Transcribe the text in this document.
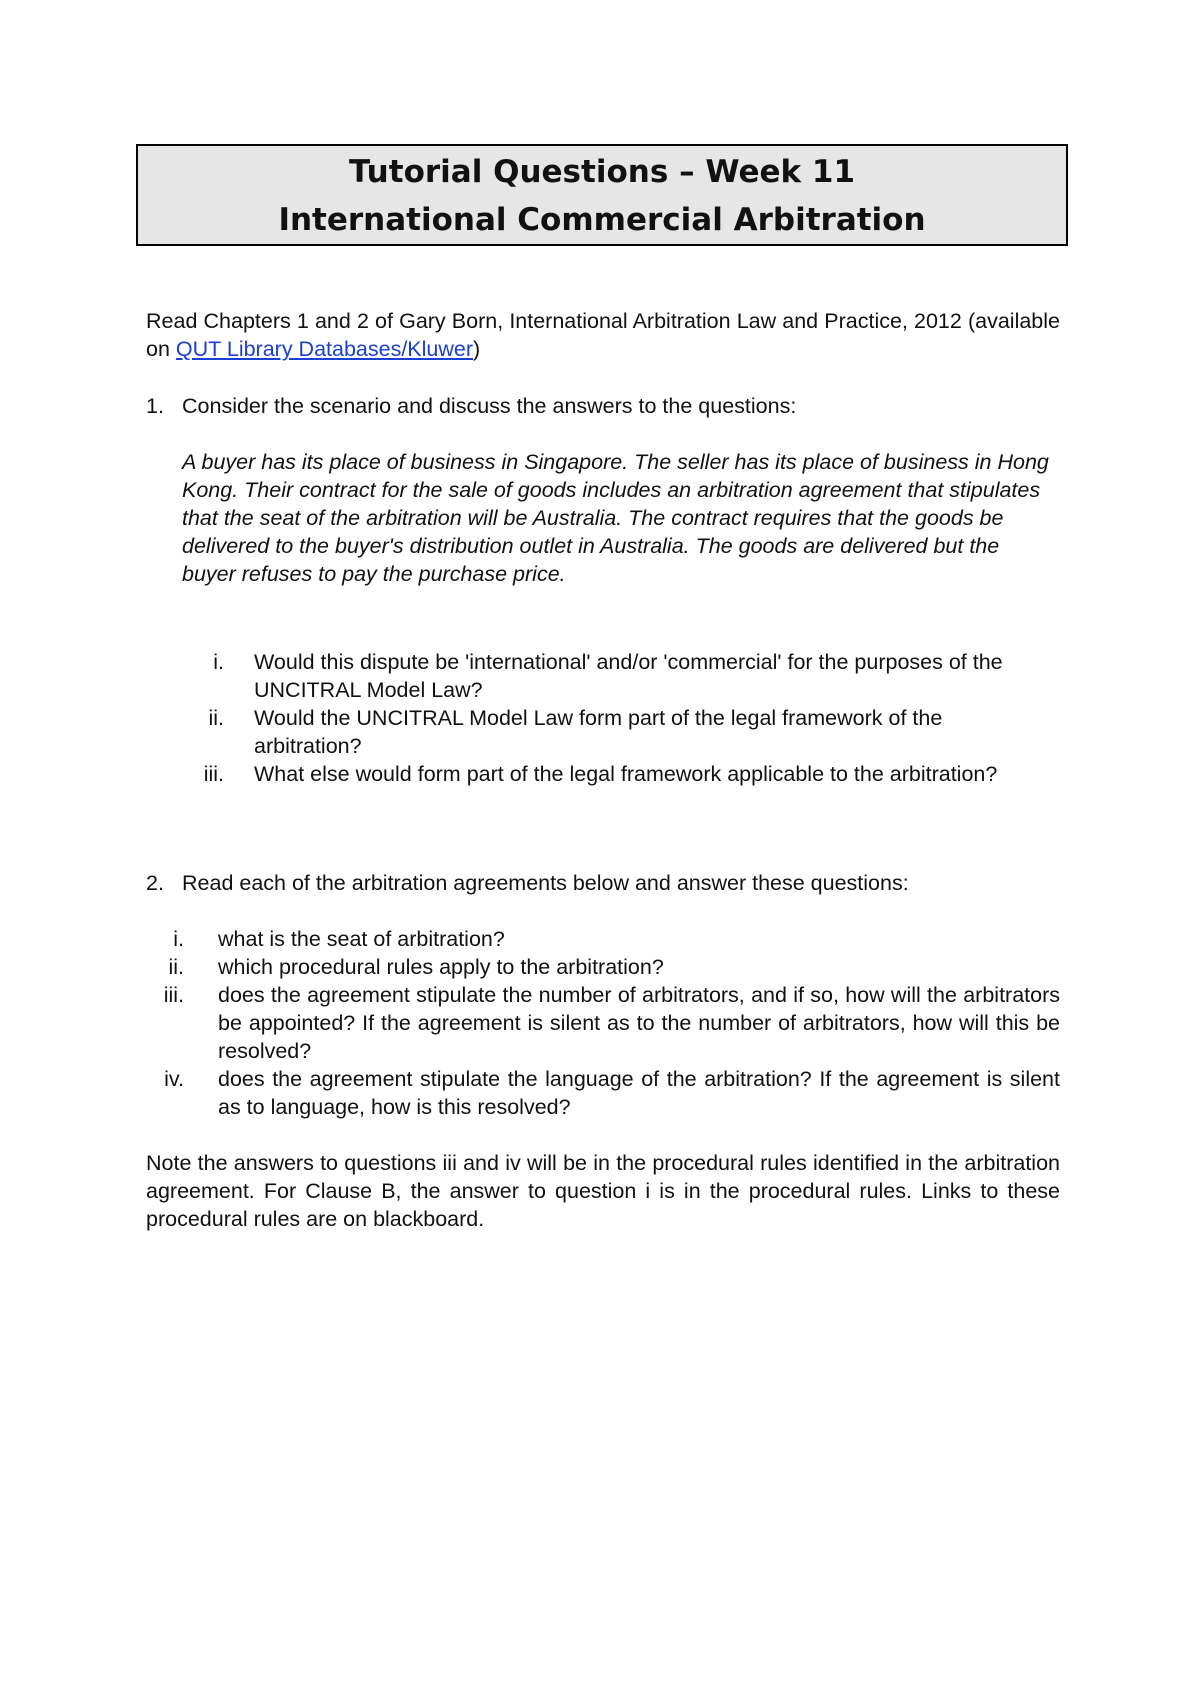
Tutorial Questions – Week 11
International Commercial Arbitration
Read Chapters 1 and 2 of Gary Born, International Arbitration Law and Practice, 2012 (available on QUT Library Databases/Kluwer)
1. Consider the scenario and discuss the answers to the questions:
A buyer has its place of business in Singapore. The seller has its place of business in Hong Kong. Their contract for the sale of goods includes an arbitration agreement that stipulates that the seat of the arbitration will be Australia. The contract requires that the goods be delivered to the buyer's distribution outlet in Australia. The goods are delivered but the buyer refuses to pay the purchase price.
i. Would this dispute be 'international' and/or 'commercial' for the purposes of the UNCITRAL Model Law?
ii. Would the UNCITRAL Model Law form part of the legal framework of the arbitration?
iii. What else would form part of the legal framework applicable to the arbitration?
2. Read each of the arbitration agreements below and answer these questions:
i. what is the seat of arbitration?
ii. which procedural rules apply to the arbitration?
iii. does the agreement stipulate the number of arbitrators, and if so, how will the arbitrators be appointed? If the agreement is silent as to the number of arbitrators, how will this be resolved?
iv. does the agreement stipulate the language of the arbitration? If the agreement is silent as to language, how is this resolved?
Note the answers to questions iii and iv will be in the procedural rules identified in the arbitration agreement. For Clause B, the answer to question i is in the procedural rules. Links to these procedural rules are on blackboard.
